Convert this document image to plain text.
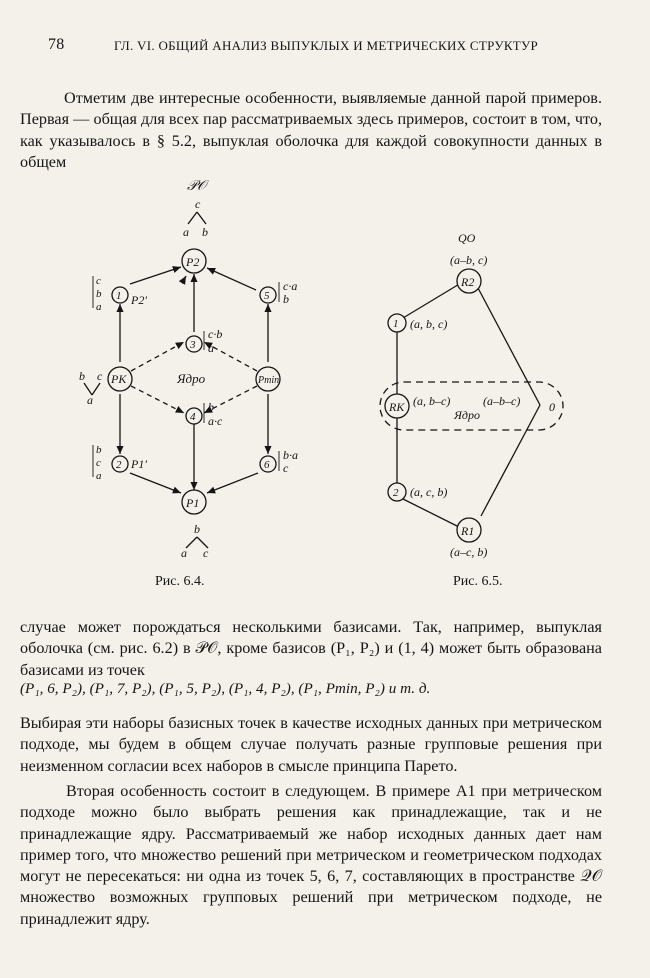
78	ГЛ. VI. ОБЩИЙ АНАЛИЗ ВЫПУКЛЫХ И МЕТРИЧЕСКИХ СТРУКТУР
Отметим две интересные особенности, выявляемые данной парой примеров. Первая — общая для всех пар рассматриваемых здесь примеров, состоит в том, что, как указывалось в § 5.2, выпуклая оболочка для каждой совокупности данных в общем
𝒫𝒪
c
a b
P2
1	5
3
PK	Pmin
4
2	6
P1
P2′
P1′
c·b
a
b
a·c
c·a
b
b·a
c
Ядро
c
b
a
b
c
a
b c
a
b
a c
QO
(a–b, c)
R2
1 (a, b, c)
RK (a, b–c)	(a–b–c) 0
Ядро
2 (a, c, b)
R1
(a–c, b)
Рис. 6.4.	Рис. 6.5.
случае может порождаться несколькими базисами. Так, например, выпуклая оболочка (см. рис. 6.2) в 𝒫𝒪, кроме базисов (P₁, P₂) и (1, 4) может быть образована базисами из точек
(P₁, 6, P₂), (P₁, 7, P₂), (P₁, 5, P₂), (P₁, 4, P₂), (P₁, Pmin, P₂) и т. д.
Выбирая эти наборы базисных точек в качестве исходных данных при метрическом подходе, мы будем в общем случае получать разные групповые решения при неизменном согласии всех наборов в смысле принципа Парето.
Вторая особенность состоит в следующем. В примере А1 при метрическом подходе можно было выбрать решения как принадлежащие, так и не принадлежащие ядру. Рассматриваемый же набор исходных данных дает нам пример того, что множество решений при метрическом и геометрическом подходах могут не пересекаться: ни одна из точек 5, 6, 7, составляющих в пространстве 𝒬𝒪 множество возможных групповых решений при метрическом подходе, не принадлежит ядру.
